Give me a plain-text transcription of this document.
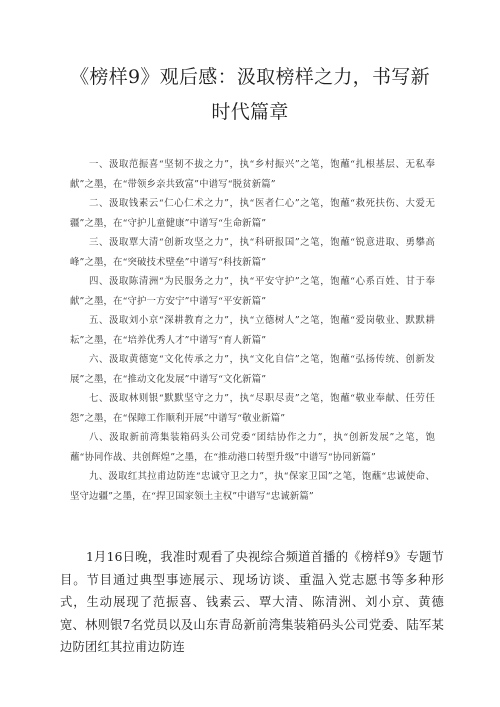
《榜样9》观后感：汲取榜样之力，书写新
时代篇章

一、汲取范振喜“坚韧不拔之力”，执“乡村振兴”之笔，饱蘸“扎根基层、无私奉献”之墨，在“带领乡亲共致富”中谱写“脱贫新篇”

二、汲取钱素云“仁心仁术之力”，执“医者仁心”之笔，饱蘸“救死扶伤、大爱无疆”之墨，在“守护儿童健康”中谱写“生命新篇”

三、汲取覃大清“创新攻坚之力”，执“科研报国”之笔，饱蘸“锐意进取、勇攀高峰”之墨，在“突破技术壁垒”中谱写“科技新篇”

四、汲取陈清洲“为民服务之力”，执“平安守护”之笔，饱蘸“心系百姓、甘于奉献”之墨，在“守护一方安宁”中谱写“平安新篇”

五、汲取刘小京“深耕教育之力”，执“立德树人”之笔，饱蘸“爱岗敬业、默默耕耘”之墨，在“培养优秀人才”中谱写“育人新篇”

六、汲取黄德宽“文化传承之力”，执“文化自信”之笔，饱蘸“弘扬传统、创新发展”之墨，在“推动文化发展”中谱写“文化新篇”

七、汲取林则银“默默坚守之力”，执“尽职尽责”之笔，饱蘸“敬业奉献、任劳任怨”之墨，在“保障工作顺利开展”中谱写“敬业新篇”

八、汲取新前湾集装箱码头公司党委“团结协作之力”，执“创新发展”之笔，饱蘸“协同作战、共创辉煌”之墨，在“推动港口转型升级”中谱写“协同新篇”

九、汲取红其拉甫边防连“忠诚守卫之力”，执“保家卫国”之笔，饱蘸“忠诚使命、坚守边疆”之墨，在“捍卫国家领土主权”中谱写“忠诚新篇”

1月16日晚，我准时观看了央视综合频道首播的《榜样9》专题节目。节目通过典型事迹展示、现场访谈、重温入党志愿书等多种形式，生动展现了范振喜、钱素云、覃大清、陈清洲、刘小京、黄德宽、林则银7名党员以及山东青岛新前湾集装箱码头公司党委、陆军某边防团红其拉甫边防连
